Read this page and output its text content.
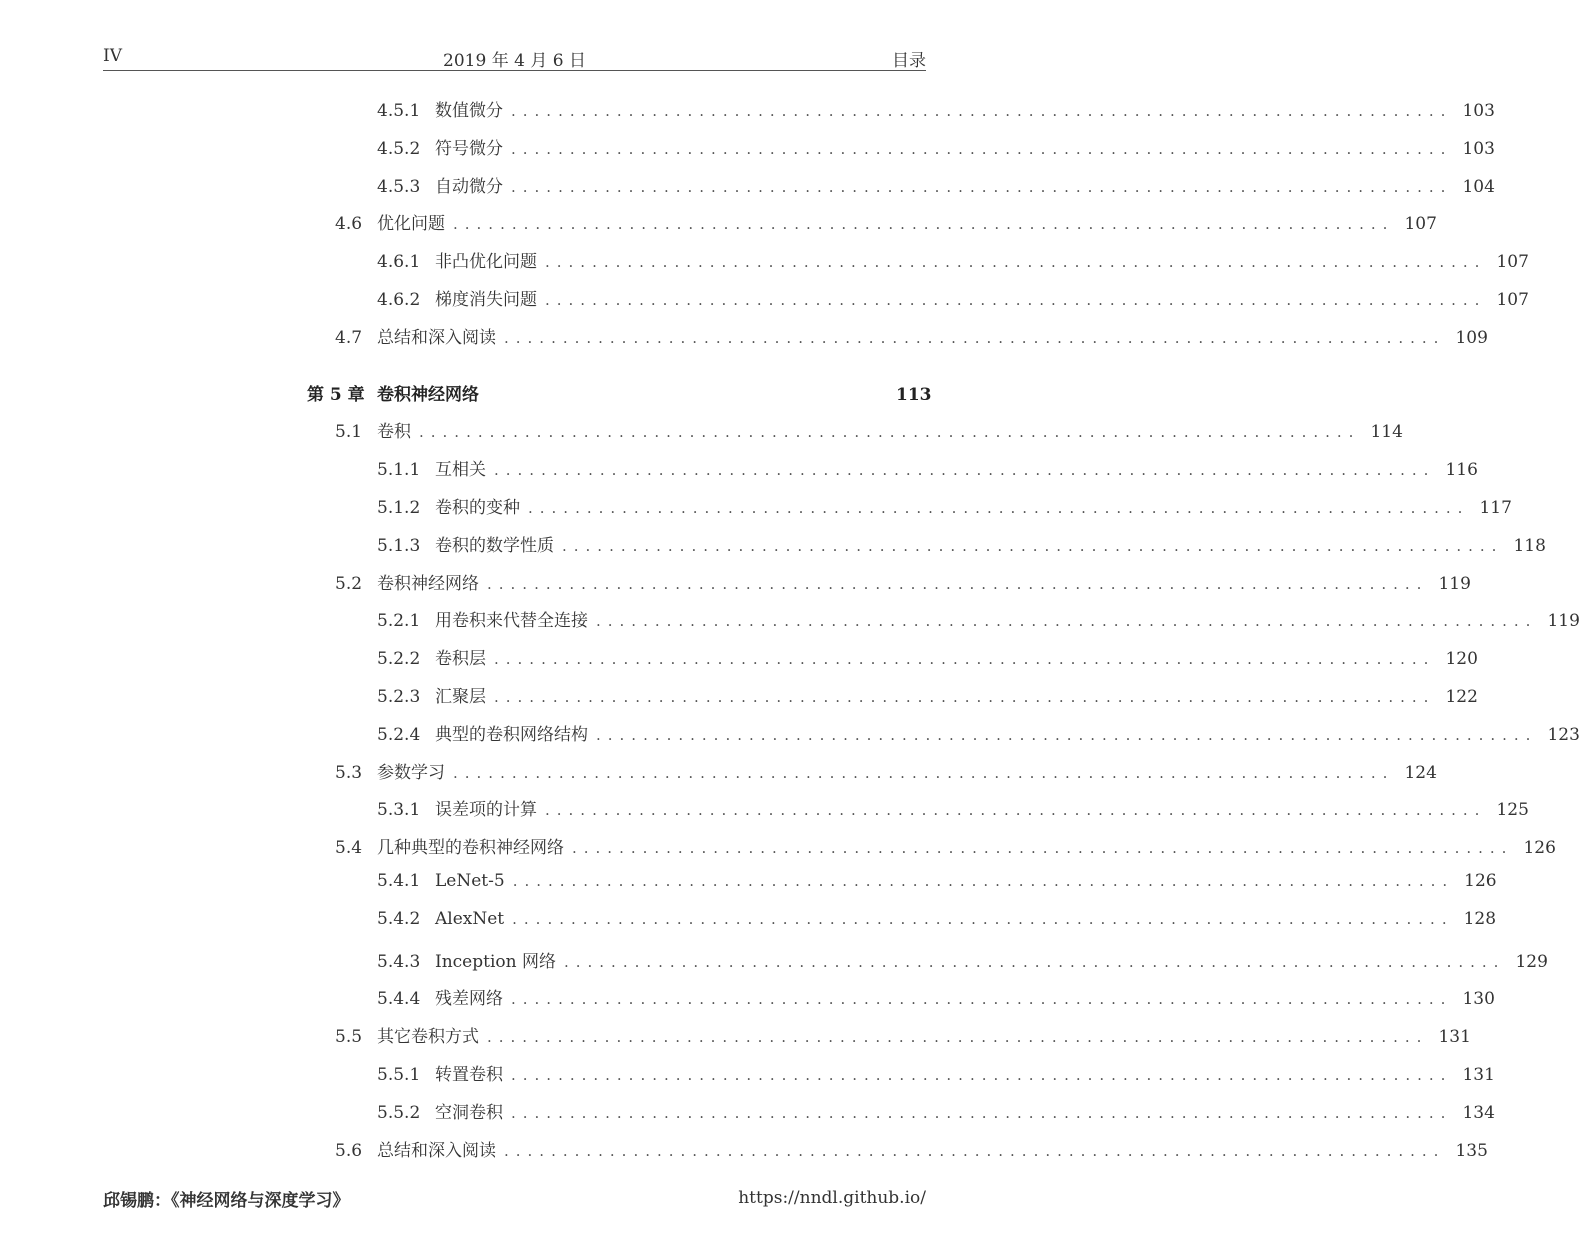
IV	2019 年 4 月 6 日	目录
4.5.1 数值微分 ................................................................................ 103
4.5.2 符号微分 ................................................................................ 103
4.5.3 自动微分 ................................................................................ 104
4.6 优化问题 ................................................................................ 107
4.6.1 非凸优化问题 ................................................................................ 107
4.6.2 梯度消失问题 ................................................................................ 107
4.7 总结和深入阅读 ................................................................................ 109
第 5 章 卷积神经网络	113
5.1 卷积 ................................................................................ 114
5.1.1 互相关 ................................................................................ 116
5.1.2 卷积的变种 ................................................................................ 117
5.1.3 卷积的数学性质 ................................................................................ 118
5.2 卷积神经网络 ................................................................................ 119
5.2.1 用卷积来代替全连接 ................................................................................ 119
5.2.2 卷积层 ................................................................................ 120
5.2.3 汇聚层 ................................................................................ 122
5.2.4 典型的卷积网络结构 ................................................................................ 123
5.3 参数学习 ................................................................................ 124
5.3.1 误差项的计算 ................................................................................ 125
5.4 几种典型的卷积神经网络 ................................................................................ 126
5.4.1 LeNet-5 ................................................................................ 126
5.4.2 AlexNet ................................................................................ 128
5.4.3 Inception 网络 ................................................................................ 129
5.4.4 残差网络 ................................................................................ 130
5.5 其它卷积方式 ................................................................................ 131
5.5.1 转置卷积 ................................................................................ 131
5.5.2 空洞卷积 ................................................................................ 134
5.6 总结和深入阅读 ................................................................................ 135
邱锡鹏：《神经网络与深度学习》	https://nndl.github.io/
